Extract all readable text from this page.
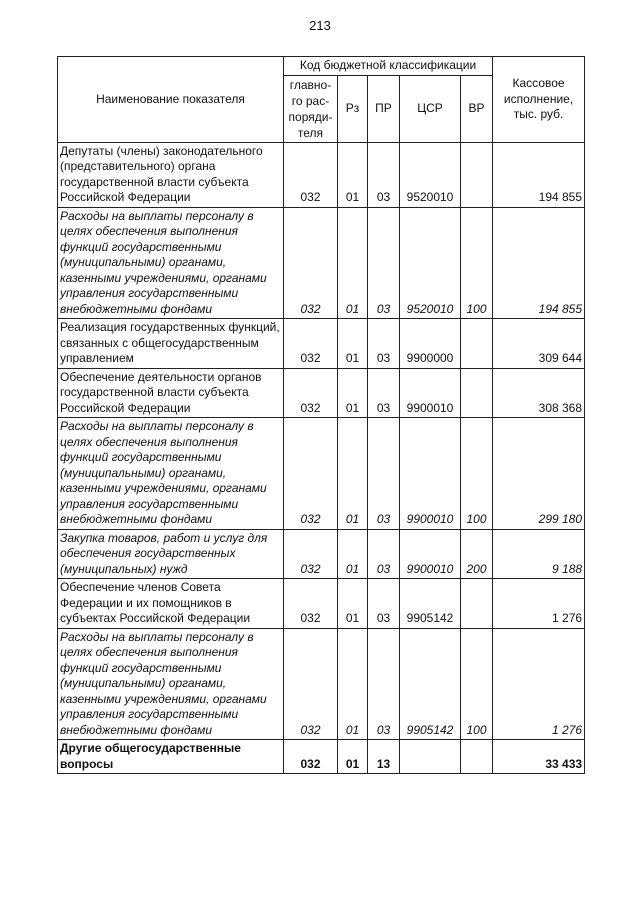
213
Наименование показателя	Код бюджетной классификации					Кассовое исполнение, тыс. руб.
	главно-го рас-поряди-теля	Рз	ПР	ЦСР	ВР	
Депутаты (члены) законодательного (представительного) органа государственной власти субъекта Российской Федерации	032	01	03	9520010		194 855
Расходы на выплаты персоналу в целях обеспечения выполнения функций государственными (муниципальными) органами, казенными учреждениями, органами управления государственными внебюджетными фондами	032	01	03	9520010	100	194 855
Реализация государственных функций, связанных с общегосударственным управлением	032	01	03	9900000		309 644
Обеспечение деятельности органов государственной власти субъекта Российской Федерации	032	01	03	9900010		308 368
Расходы на выплаты персоналу в целях обеспечения выполнения функций государственными (муниципальными) органами, казенными учреждениями, органами управления государственными внебюджетными фондами	032	01	03	9900010	100	299 180
Закупка товаров, работ и услуг для обеспечения государственных (муниципальных) нужд	032	01	03	9900010	200	9 188
Обеспечение членов Совета Федерации и их помощников в субъектах Российской Федерации	032	01	03	9905142		1 276
Расходы на выплаты персоналу в целях обеспечения выполнения функций государственными (муниципальными) органами, казенными учреждениями, органами управления государственными внебюджетными фондами	032	01	03	9905142	100	1 276
Другие общегосударственные вопросы	032	01	13			33 433
